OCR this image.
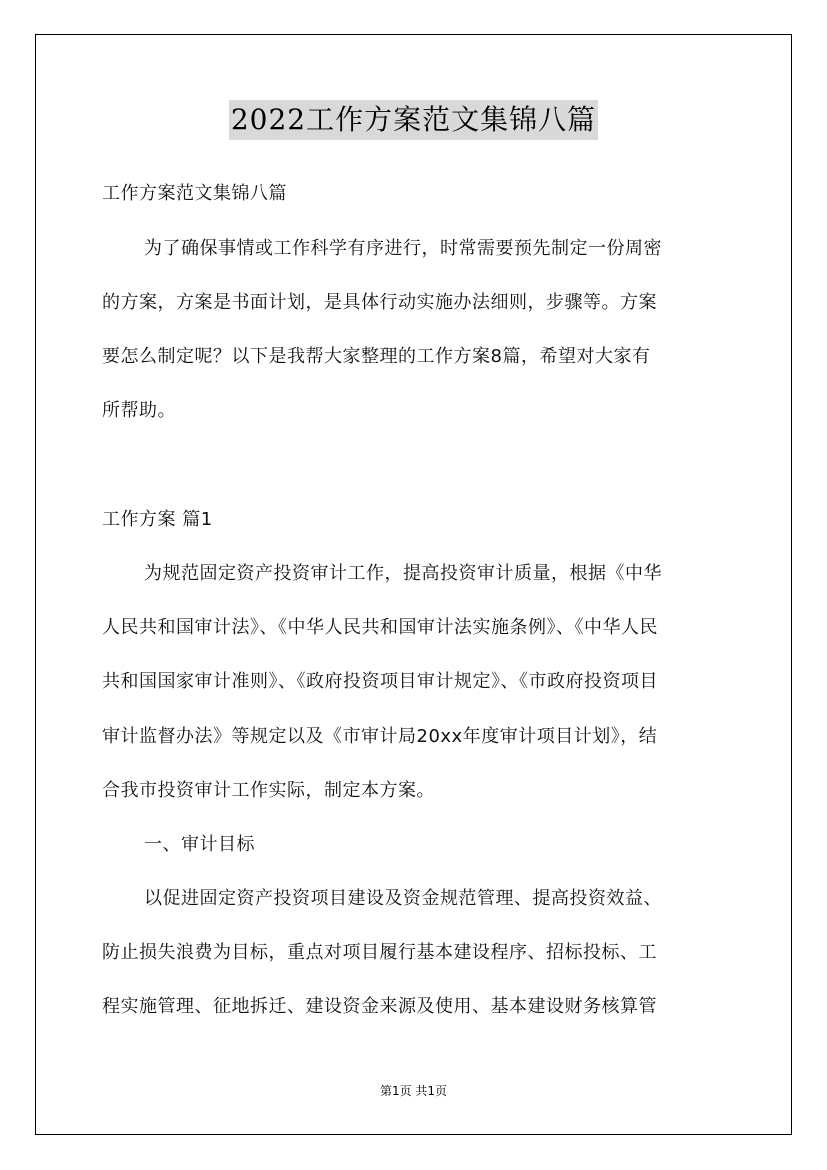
2022工作方案范文集锦八篇

工作方案范文集锦八篇

为了确保事情或工作科学有序进行，时常需要预先制定一份周密

的方案，方案是书面计划，是具体行动实施办法细则，步骤等。方案

要怎么制定呢？以下是我帮大家整理的工作方案8篇，希望对大家有

所帮助。

工作方案 篇1

为规范固定资产投资审计工作，提高投资审计质量，根据《中华

人民共和国审计法》、《中华人民共和国审计法实施条例》、《中华人民

共和国国家审计准则》、《政府投资项目审计规定》、《市政府投资项目

审计监督办法》等规定以及《市审计局20xx年度审计项目计划》，结

合我市投资审计工作实际，制定本方案。

一、审计目标

以促进固定资产投资项目建设及资金规范管理、提高投资效益、

防止损失浪费为目标，重点对项目履行基本建设程序、招标投标、工

程实施管理、征地拆迁、建设资金来源及使用、基本建设财务核算管

第1页 共1页
